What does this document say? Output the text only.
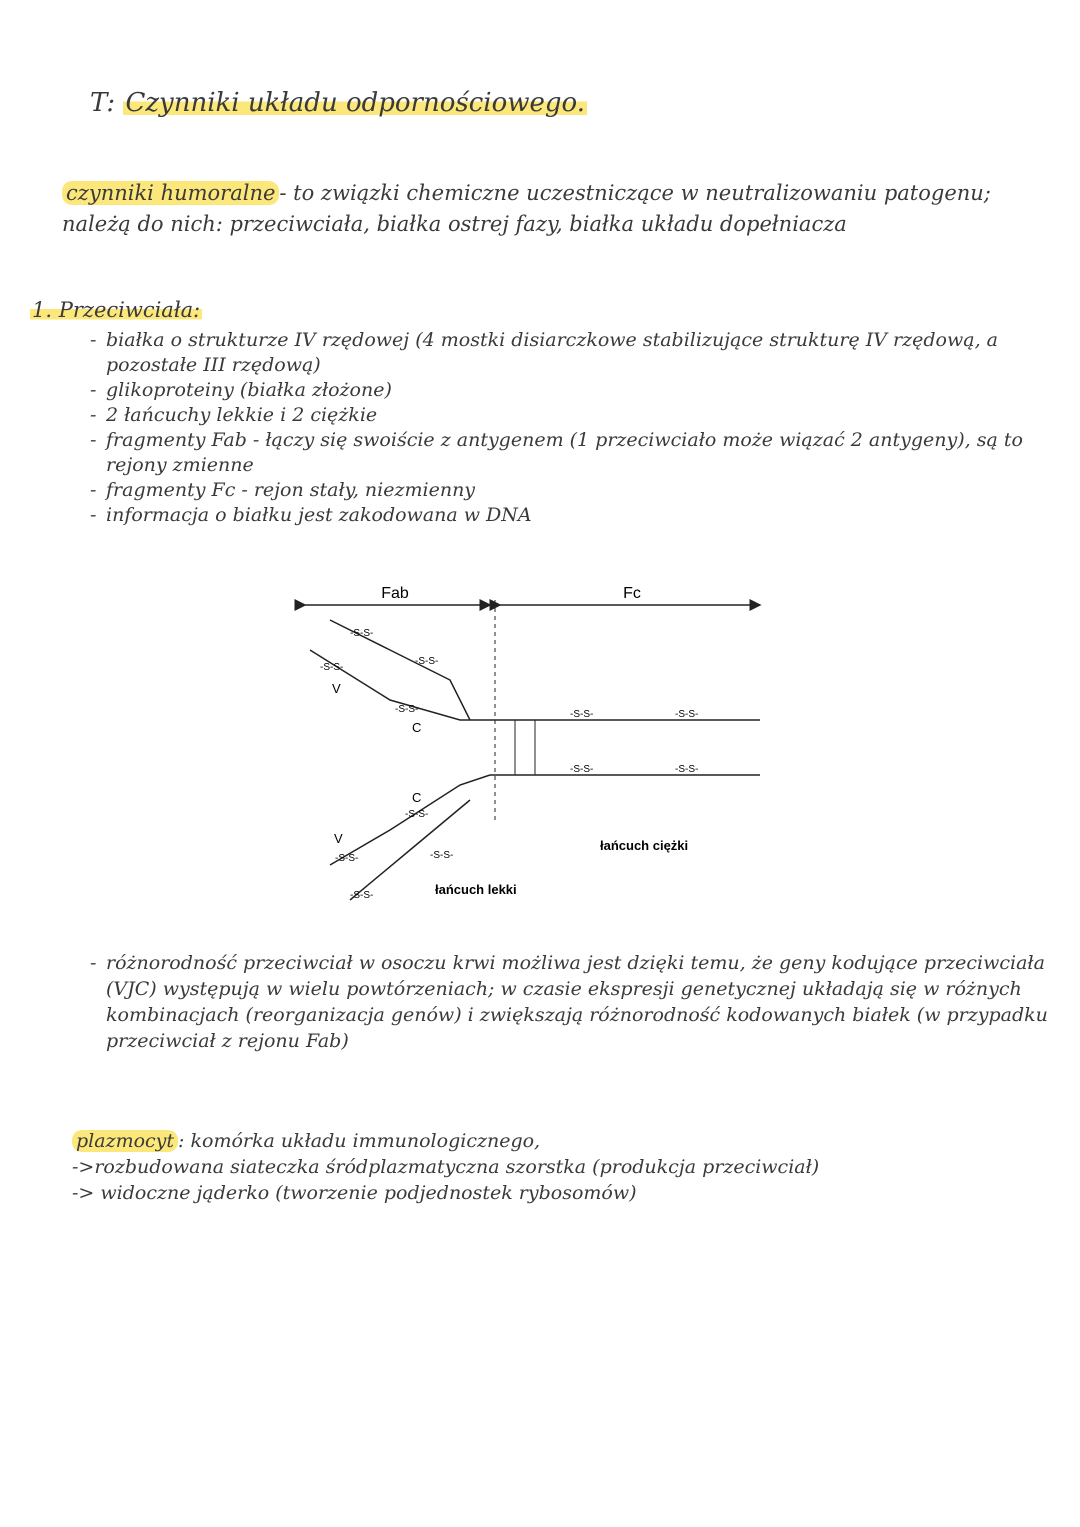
T: Czynniki układu odpornościowego.
czynniki humoralne - to związki chemiczne uczestniczące w neutralizowaniu patogenu; należą do nich: przeciwciała, białka ostrej fazy, białka układu dopełniacza
1. Przeciwciała:
- białka o strukturze IV rzędowej (4 mostki disiarczkowe stabilizujące strukturę IV rzędową, a pozostałe III rzędową)
- glikoproteiny (białka złożone)
- 2 łańcuchy lekkie i 2 ciężkie
- fragmenty Fab - łączy się swoiście z antygenem (1 przeciwciało może wiązać 2 antygeny), są to rejony zmienne
- fragmenty Fc - rejon stały, niezmienny
- informacja o białku jest zakodowana w DNA
Fab	Fc
-S-S-
-S-S-
-S-S-
-S-S-
V
C
-S-S-	-S-S-
-S-S-	-S-S-
-S-S-
-S-S-
-S-S-
-S-S-
V
C
łańcuch ciężki
łańcuch lekki
- różnorodność przeciwciał w osoczu krwi możliwa jest dzięki temu, że geny kodujące przeciwciała (VJC) występują w wielu powtórzeniach; w czasie ekspresji genetycznej układają się w różnych kombinacjach (reorganizacja genów) i zwiększają różnorodność kodowanych białek (w przypadku przeciwciał z rejonu Fab)
plazmocyt : komórka układu immunologicznego,
->rozbudowana siateczka śródplazmatyczna szorstka (produkcja przeciwciał)
-> widoczne jąderko (tworzenie podjednostek rybosomów)
